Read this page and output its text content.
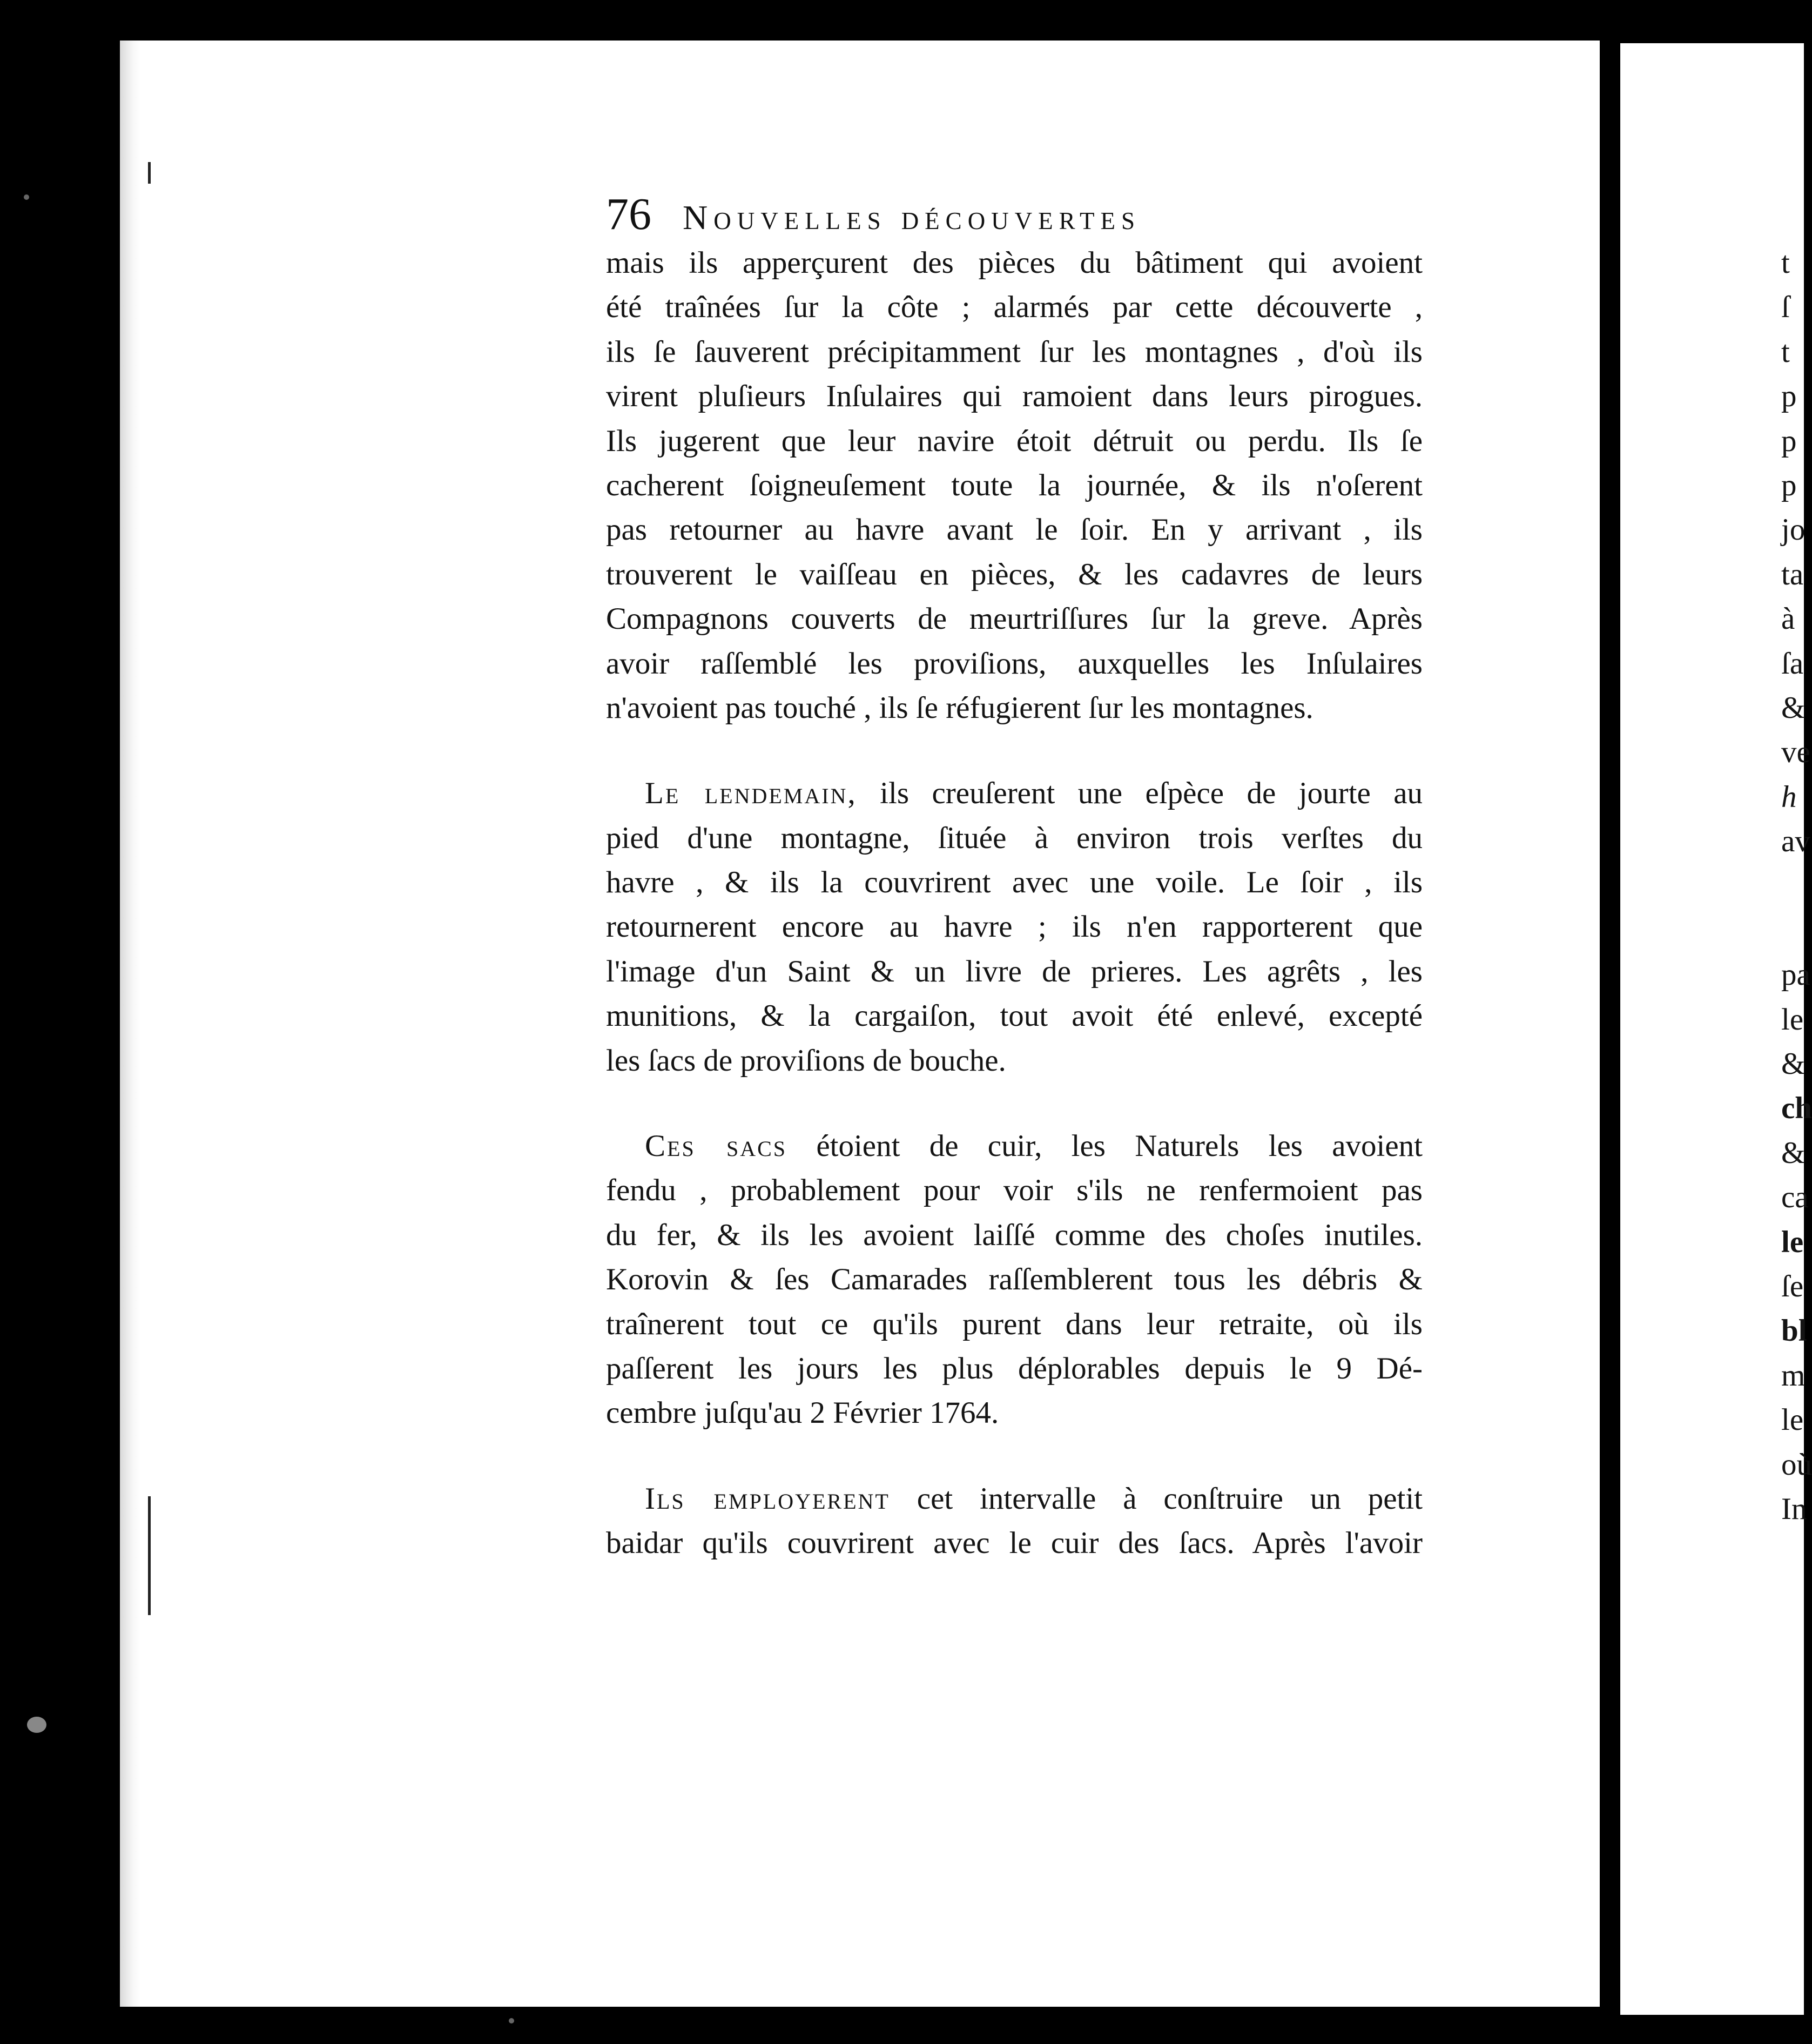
76 Nouvelles découvertes
mais ils apperçurent des pièces du bâtiment qui avoient
été traînées ſur la côte ; alarmés par cette découverte ,
ils ſe ſauverent précipitamment ſur les montagnes , d'où ils
virent pluſieurs Inſulaires qui ramoient dans leurs pirogues.
Ils jugerent que leur navire étoit détruit ou perdu. Ils ſe
cacherent ſoigneuſement toute la journée, & ils n'oſerent
pas retourner au havre avant le ſoir. En y arrivant , ils
trouverent le vaiſſeau en pièces, & les cadavres de leurs
Compagnons couverts de meurtriſſures ſur la greve. Après
avoir raſſemblé les proviſions, auxquelles les Inſulaires
n'avoient pas touché , ils ſe réfugierent ſur les montagnes.
Le lendemain, ils creuſerent une eſpèce de jourte au
pied d'une montagne, ſituée à environ trois verſtes du
havre , & ils la couvrirent avec une voile. Le ſoir , ils
retournerent encore au havre ; ils n'en rapporterent que
l'image d'un Saint & un livre de prieres. Les agrêts , les
munitions, & la cargaiſon, tout avoit été enlevé, excepté
les ſacs de proviſions de bouche.
Ces sacs étoient de cuir, les Naturels les avoient
fendu , probablement pour voir s'ils ne renfermoient pas
du fer, & ils les avoient laiſſé comme des choſes inutiles.
Korovin & ſes Camarades raſſemblerent tous les débris &
traînerent tout ce qu'ils purent dans leur retraite, où ils
paſſerent les jours les plus déplorables depuis le 9 Dé-
cembre juſqu'au 2 Février 1764.
Ils employerent cet intervalle à conſtruire un petit
baidar qu'ils couvrirent avec le cuir des ſacs. Après l'avoir
t
ſ
t
p
p
p
jo
ta
à
ſa
&
ve
h
av
pa
le
&
ch
&
ca
le
ſe
bl
m
le
où
In
